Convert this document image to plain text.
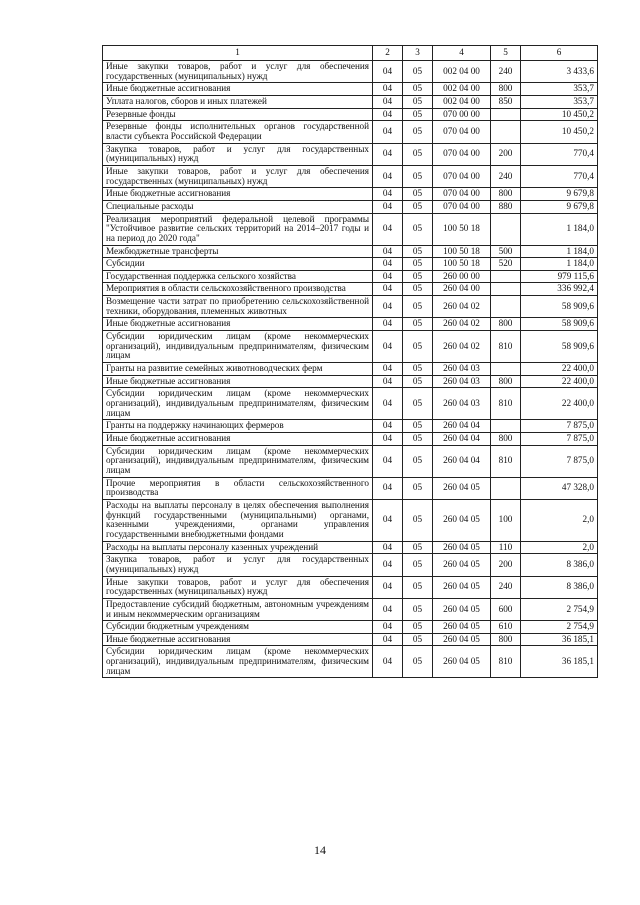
1	2	3	4	5	6
Иные закупки товаров, работ и услуг для обеспечения государственных (муниципальных) нужд	04	05	002 04 00	240	3 433,6
Иные бюджетные ассигнования	04	05	002 04 00	800	353,7
Уплата налогов, сборов и иных платежей	04	05	002 04 00	850	353,7
Резервные фонды	04	05	070 00 00		10 450,2
Резервные фонды исполнительных органов государственной власти субъекта Российской Федерации	04	05	070 04 00		10 450,2
Закупка товаров, работ и услуг для государственных (муниципальных) нужд	04	05	070 04 00	200	770,4
Иные закупки товаров, работ и услуг для обеспечения государственных (муниципальных) нужд	04	05	070 04 00	240	770,4
Иные бюджетные ассигнования	04	05	070 04 00	800	9 679,8
Специальные расходы	04	05	070 04 00	880	9 679,8
Реализация мероприятий федеральной целевой программы "Устойчивое развитие сельских территорий на 2014–2017 годы и на период до 2020 года"	04	05	100 50 18		1 184,0
Межбюджетные трансферты	04	05	100 50 18	500	1 184,0
Субсидии	04	05	100 50 18	520	1 184,0
Государственная поддержка сельского хозяйства	04	05	260 00 00		979 115,6
Мероприятия в области сельскохозяйственного производства	04	05	260 04 00		336 992,4
Возмещение части затрат по приобретению сельскохозяйственной техники, оборудования, племенных животных	04	05	260 04 02		58 909,6
Иные бюджетные ассигнования	04	05	260 04 02	800	58 909,6
Субсидии юридическим лицам (кроме некоммерческих организаций), индивидуальным предпринимателям, физическим лицам	04	05	260 04 02	810	58 909,6
Гранты на развитие семейных животноводческих ферм	04	05	260 04 03		22 400,0
Иные бюджетные ассигнования	04	05	260 04 03	800	22 400,0
Субсидии юридическим лицам (кроме некоммерческих организаций), индивидуальным предпринимателям, физическим лицам	04	05	260 04 03	810	22 400,0
Гранты на поддержку начинающих фермеров	04	05	260 04 04		7 875,0
Иные бюджетные ассигнования	04	05	260 04 04	800	7 875,0
Субсидии юридическим лицам (кроме некоммерческих организаций), индивидуальным предпринимателям, физическим лицам	04	05	260 04 04	810	7 875,0
Прочие мероприятия в области сельскохозяйственного производства	04	05	260 04 05		47 328,0
Расходы на выплаты персоналу в целях обеспечения выполнения функций государственными (муниципальными) органами, казенными учреждениями, органами управления государственными внебюджетными фондами	04	05	260 04 05	100	2,0
Расходы на выплаты персоналу казенных учреждений	04	05	260 04 05	110	2,0
Закупка товаров, работ и услуг для государственных (муниципальных) нужд	04	05	260 04 05	200	8 386,0
Иные закупки товаров, работ и услуг для обеспечения государственных (муниципальных) нужд	04	05	260 04 05	240	8 386,0
Предоставление субсидий бюджетным, автономным учреждениям и иным некоммерческим организациям	04	05	260 04 05	600	2 754,9
Субсидии бюджетным учреждениям	04	05	260 04 05	610	2 754,9
Иные бюджетные ассигнования	04	05	260 04 05	800	36 185,1
Субсидии юридическим лицам (кроме некоммерческих организаций), индивидуальным предпринимателям, физическим лицам	04	05	260 04 05	810	36 185,1
14
